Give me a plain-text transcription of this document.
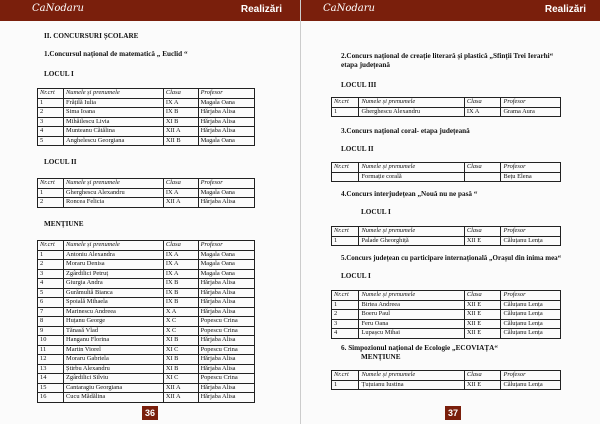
CaNodaru	Realizări
II. CONCURSURI ȘCOLARE
1.Concursul național de matematică „ Euclid “
LOCUL I
Nr.crt	Numele și prenumele	Clasa	Profesor
1	Frățilă Iulia	IX A	Magala Oana
2	Sima Ioana	IX B	Hărjaba Alisa
3	Mihăilescu Livia	XI B	Hărjaba Alisa
4	Munteanu Cătălina	XII A	Hărjaba Alisa
5	Anghelescu Georgiana	XII B	Magala Oana
LOCUL II
Nr.crt	Numele și prenumele	Clasa	Profesor
1	Gherghescu Alexandru	IX A	Magala Oana
2	Roncea Felicia	XII A	Hărjaba Alisa
MENȚIUNE
Nr.crt	Numele și prenumele	Clasa	Profesor
1	Antoniu Alexandra	IX A	Magala Oana
2	Moraru Denisa	IX A	Magala Oana
3	Zgârdilici Petruț	IX A	Magala Oana
4	Giurgia Andra	IX B	Hărjaba Alisa
5	Gurămultă Bianca	IX B	Hărjaba Alisa
6	Spoială Mihaela	IX B	Hărjaba Alisa
7	Marinescu Andreea	X A	Hărjaba Alisa
8	Huțanu George	X C	Popescu Crina
9	Tănasă Vlad	X C	Popescu Crina
10	Hanganu Florina	XI B	Hărjaba Alisa
11	Martin Viorel	XI C	Popescu Crina
12	Moraru Gabriela	XI B	Hărjaba Alisa
13	Știrbu Alexandru	XI B	Hărjaba Alisa
14	Zgârdilici Silviu	XI C	Popescu Crina
15	Cantaragiu Georgiana	XII A	Hărjaba Alisa
16	Cucu Mădălina	XII A	Hărjaba Alisa
36
CaNodaru	Realizări
2.Concurs național de creație literară și plastică „Sfinții Trei Ierarhi“
etapa județeană
LOCUL III
Nr.crt	Numele și prenumele	Clasa	Profesor
1	Gherghescu Alexandru	IX A	Grama Aura
3.Concurs național coral- etapa județeană
LOCUL II
Nr.crt	Numele și prenumele	Clasa	Profesor
	Formație corală		Bețu Elena
4.Concurs interjudețean „Nouă nu ne pasă “
LOCUL I
Nr.crt	Numele și prenumele	Clasa	Profesor
1	Palade Gheorghiță	XII E	Căluțanu Lența
5.Concurs județean cu participare internațională „Orașul din inima mea“
LOCUL I
Nr.crt	Numele și prenumele	Clasa	Profesor
1	Birtea Andreea	XII E	Căluțanu Lența
2	Boeru Paul	XII E	Căluțanu Lența
3	Feru Oana	XII E	Căluțanu Lența
4	Lupașcu Mihai	XII E	Căluțanu Lența
6. Simpozionul național de Ecologie „ECOVIAȚA“
MENȚIUNE
Nr.crt	Numele și prenumele	Clasa	Profesor
1	Țuțuianu Iustina	XII E	Căluțanu Lența
37
